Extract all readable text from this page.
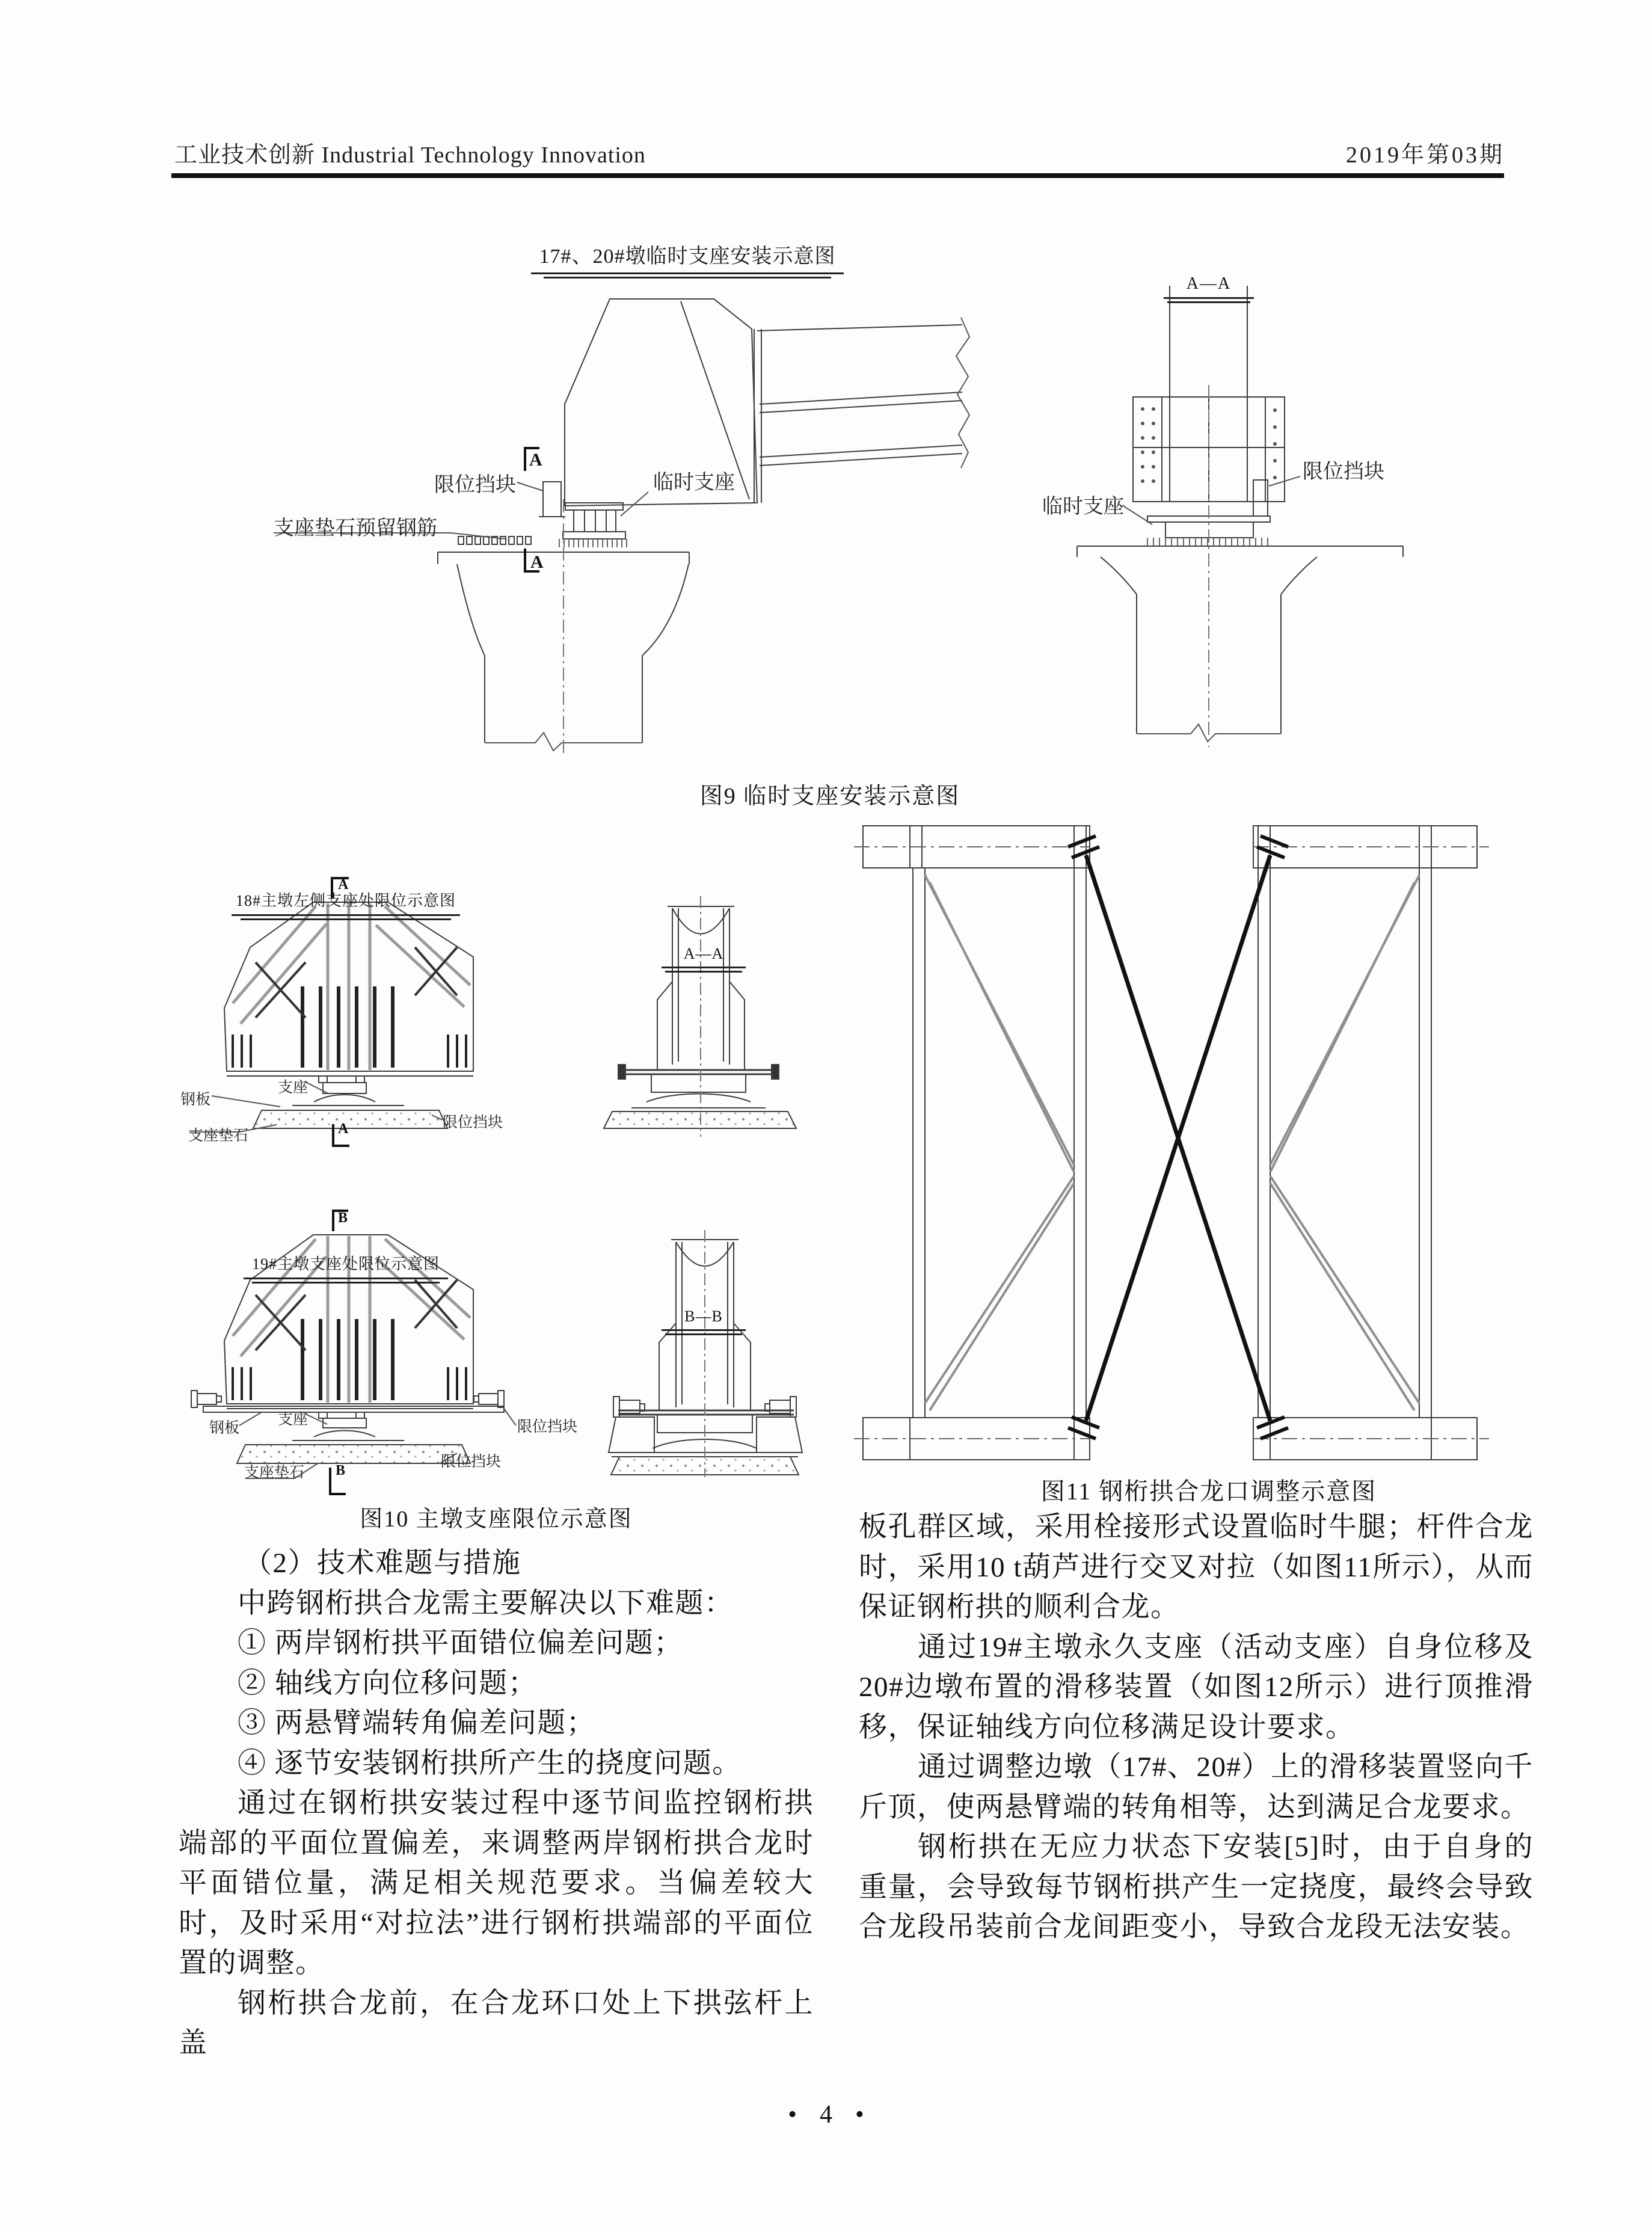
工业技术创新 Industrial Technology Innovation	2019年第03期
17#、20#墩临时支座安装示意图
A—A
限位挡块	临时支座
支座垫石预留钢筋
A
A
临时支座
限位挡块
图9 临时支座安装示意图
18#主墩左侧支座处限位示意图
19#主墩支座处限位示意图
A—A
B—B
A
A
B
B
钢板
支座
支座垫石
限位挡块
钢板
支座
支座垫石
限位挡块
限位挡块
图10 主墩支座限位示意图
图11 钢桁拱合龙口调整示意图

（2）技术难题与措施

中跨钢桁拱合龙需主要解决以下难题：

① 两岸钢桁拱平面错位偏差问题；

② 轴线方向位移问题；

③ 两悬臂端转角偏差问题；

④ 逐节安装钢桁拱所产生的挠度问题。

通过在钢桁拱安装过程中逐节间监控钢桁拱端部的平面位置偏差，来调整两岸钢桁拱合龙时平面错位量，满足相关规范要求。当偏差较大时，及时采用“对拉法”进行钢桁拱端部的平面位置的调整。

钢桁拱合龙前，在合龙环口处上下拱弦杆上盖

板孔群区域，采用栓接形式设置临时牛腿；杆件合龙时，采用10 t葫芦进行交叉对拉（如图11所示），从而保证钢桁拱的顺利合龙。

通过19#主墩永久支座（活动支座）自身位移及20#边墩布置的滑移装置（如图12所示）进行顶推滑移，保证轴线方向位移满足设计要求。

通过调整边墩（17#、20#）上的滑移装置竖向千斤顶，使两悬臂端的转角相等，达到满足合龙要求。

钢桁拱在无应力状态下安装[5]时，由于自身的重量，会导致每节钢桁拱产生一定挠度，最终会导致合龙段吊装前合龙间距变小，导致合龙段无法安装。

• 4 •
